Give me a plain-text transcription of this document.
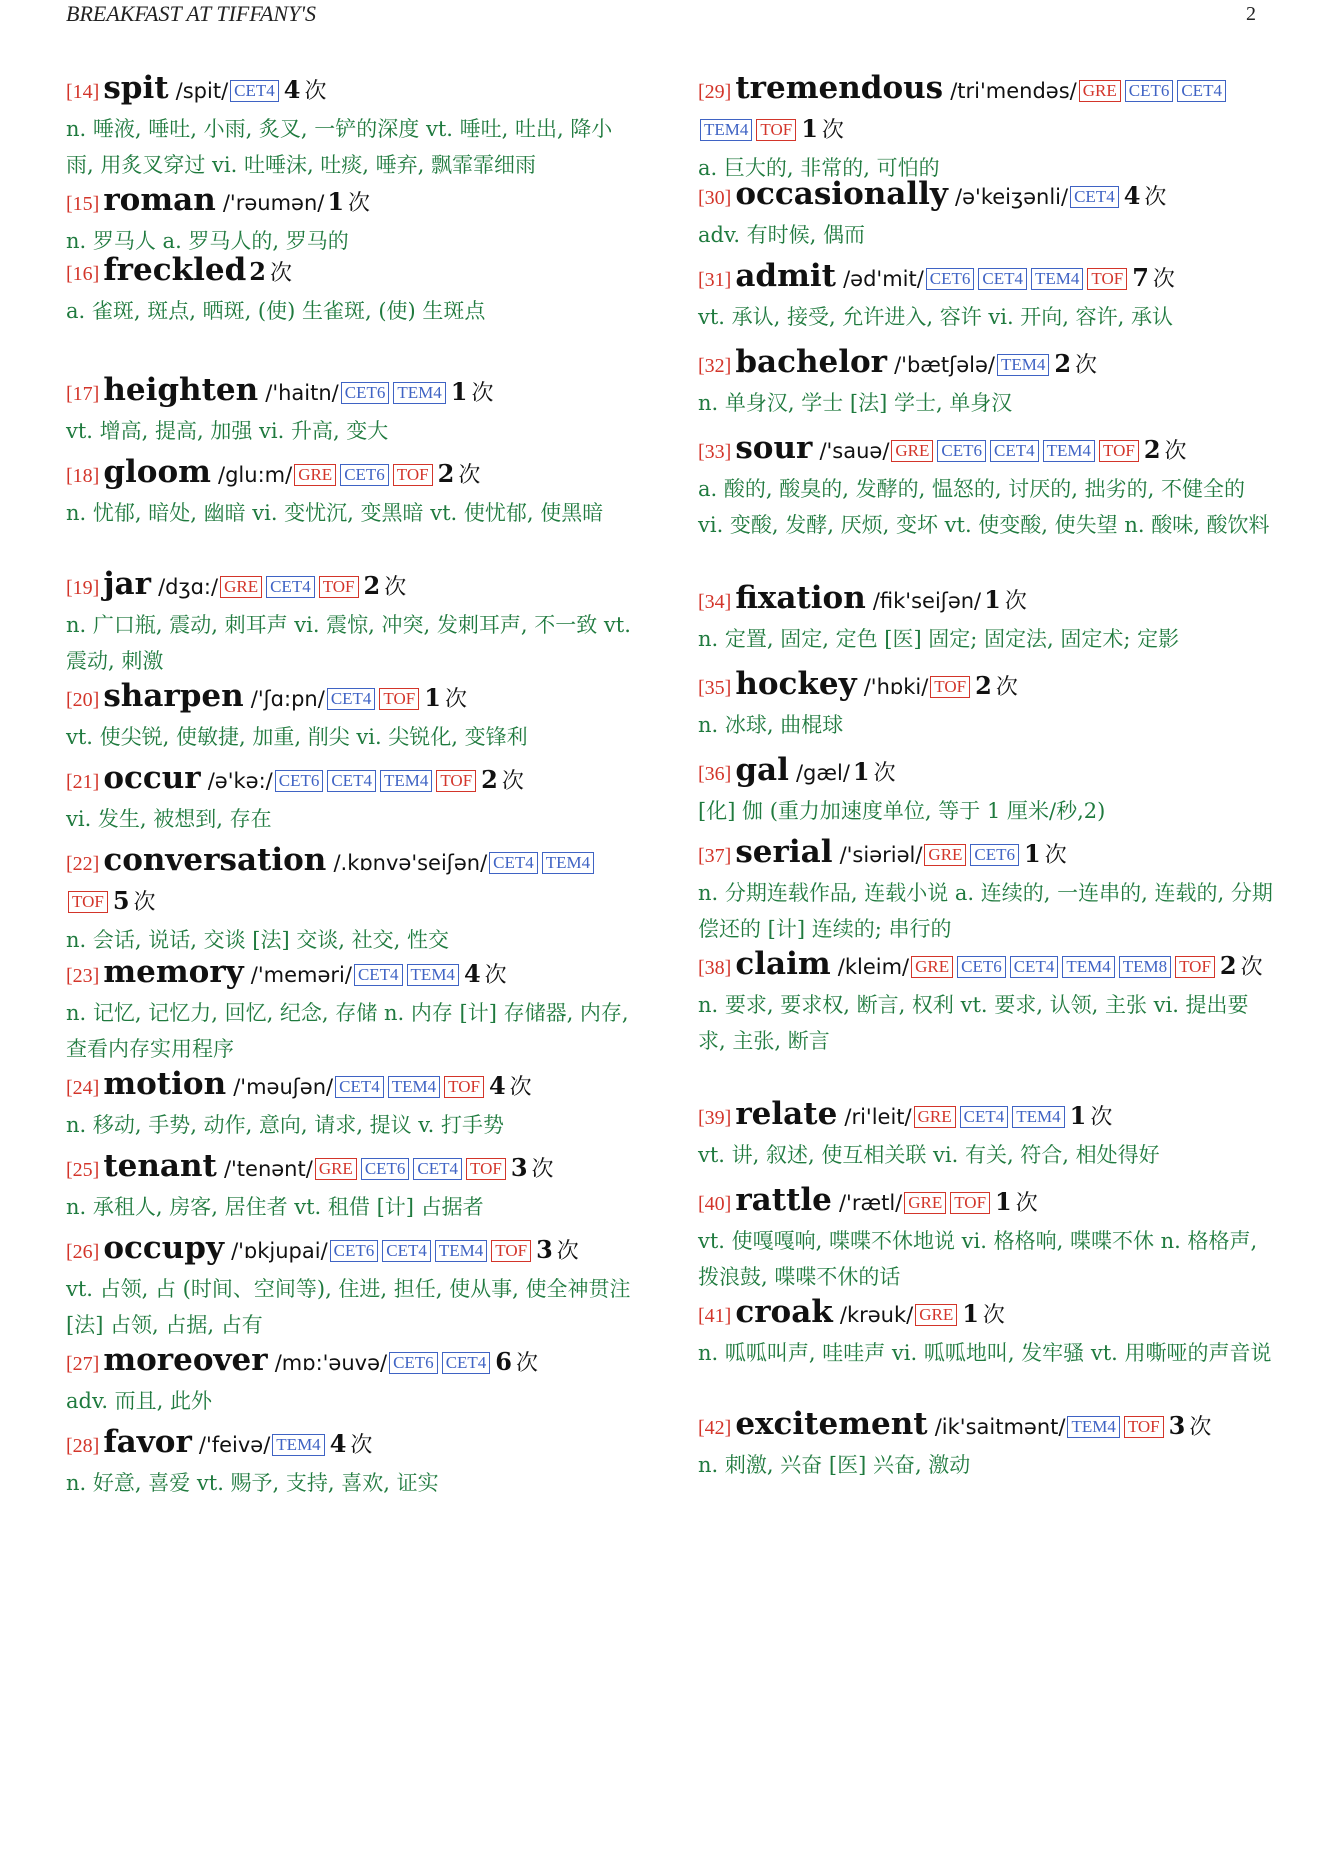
BREAKFAST AT TIFFANY'S	2
[14] spit /spit/ CET4 4 次
n. 唾液, 唾吐, 小雨, 炙叉, 一铲的深度 vt. 唾吐, 吐出, 降小雨, 用炙叉穿过 vi. 吐唾沫, 吐痰, 唾弃, 飘霏霏细雨
[15] roman /'rəumən/ 1 次
n. 罗马人 a. 罗马人的, 罗马的
[16] freckled 2 次
a. 雀斑, 斑点, 晒斑, (使) 生雀斑, (使) 生斑点
[17] heighten /'haitn/ CET6 TEM4 1 次
vt. 增高, 提高, 加强 vi. 升高, 变大
[18] gloom /glu:m/ GRE CET6 TOF 2 次
n. 忧郁, 暗处, 幽暗 vi. 变忧沉, 变黑暗 vt. 使忧郁, 使黑暗
[19] jar /dʒɑ:/ GRE CET4 TOF 2 次
n. 广口瓶, 震动, 刺耳声 vi. 震惊, 冲突, 发刺耳声, 不一致 vt. 震动, 刺激
[20] sharpen /'ʃɑ:pn/ CET4 TOF 1 次
vt. 使尖锐, 使敏捷, 加重, 削尖 vi. 尖锐化, 变锋利
[21] occur /ə'kə:/ CET6 CET4 TEM4 TOF 2 次
vi. 发生, 被想到, 存在
[22] conversation /.kɒnvə'seiʃən/ CET4 TEM4TOF 5 次
n. 会话, 说话, 交谈 [法] 交谈, 社交, 性交
[23] memory /'meməri/ CET4 TEM4 4 次
n. 记忆, 记忆力, 回忆, 纪念, 存储 n. 内存 [计] 存储器, 内存, 查看内存实用程序
[24] motion /'məuʃən/ CET4 TEM4 TOF 4 次
n. 移动, 手势, 动作, 意向, 请求, 提议 v. 打手势
[25] tenant /'tenənt/ GRE CET6 CET4 TOF 3 次
n. 承租人, 房客, 居住者 vt. 租借 [计] 占据者
[26] occupy /'ɒkjupai/ CET6 CET4 TEM4 TOF 3 次
vt. 占领, 占 (时间、空间等), 住进, 担任, 使从事, 使全神贯注 [法] 占领, 占据, 占有
[27] moreover /mɒ:'əuvə/ CET6 CET4 6 次
adv. 而且, 此外
[28] favor /'feivə/ TEM4 4 次
n. 好意, 喜爱 vt. 赐予, 支持, 喜欢, 证实
[29] tremendous /tri'mendəs/ GRE CET6 CET4TEM4 TOF 1 次
a. 巨大的, 非常的, 可怕的
[30] occasionally /ə'keiʒənli/ CET4 4 次
adv. 有时候, 偶而
[31] admit /əd'mit/ CET6 CET4 TEM4 TOF 7 次
vt. 承认, 接受, 允许进入, 容许 vi. 开向, 容许, 承认
[32] bachelor /'bætʃələ/ TEM4 2 次
n. 单身汉, 学士 [法] 学士, 单身汉
[33] sour /'sauə/ GRE CET6 CET4 TEM4 TOF 2 次
a. 酸的, 酸臭的, 发酵的, 愠怒的, 讨厌的, 拙劣的, 不健全的 vi. 变酸, 发酵, 厌烦, 变坏 vt. 使变酸, 使失望 n. 酸味, 酸饮料
[34] fixation /fik'seiʃən/ 1 次
n. 定置, 固定, 定色 [医] 固定; 固定法, 固定术; 定影
[35] hockey /'hɒki/ TOF 2 次
n. 冰球, 曲棍球
[36] gal /gæl/ 1 次
[化] 伽 (重力加速度单位, 等于 1 厘米/秒,2)
[37] serial /'siəriəl/ GRE CET6 1 次
n. 分期连载作品, 连载小说 a. 连续的, 一连串的, 连载的, 分期偿还的 [计] 连续的; 串行的
[38] claim /kleim/ GRE CET6 CET4 TEM4 TEM8 TOF 2 次
n. 要求, 要求权, 断言, 权利 vt. 要求, 认领, 主张 vi. 提出要求, 主张, 断言
[39] relate /ri'leit/ GRE CET4 TEM4 1 次
vt. 讲, 叙述, 使互相关联 vi. 有关, 符合, 相处得好
[40] rattle /'rætl/ GRE TOF 1 次
vt. 使嘎嘎响, 喋喋不休地说 vi. 格格响, 喋喋不休 n. 格格声, 拨浪鼓, 喋喋不休的话
[41] croak /krəuk/ GRE 1 次
n. 呱呱叫声, 哇哇声 vi. 呱呱地叫, 发牢骚 vt. 用嘶哑的声音说
[42] excitement /ik'saitmənt/ TEM4 TOF 3 次
n. 刺激, 兴奋 [医] 兴奋, 激动
